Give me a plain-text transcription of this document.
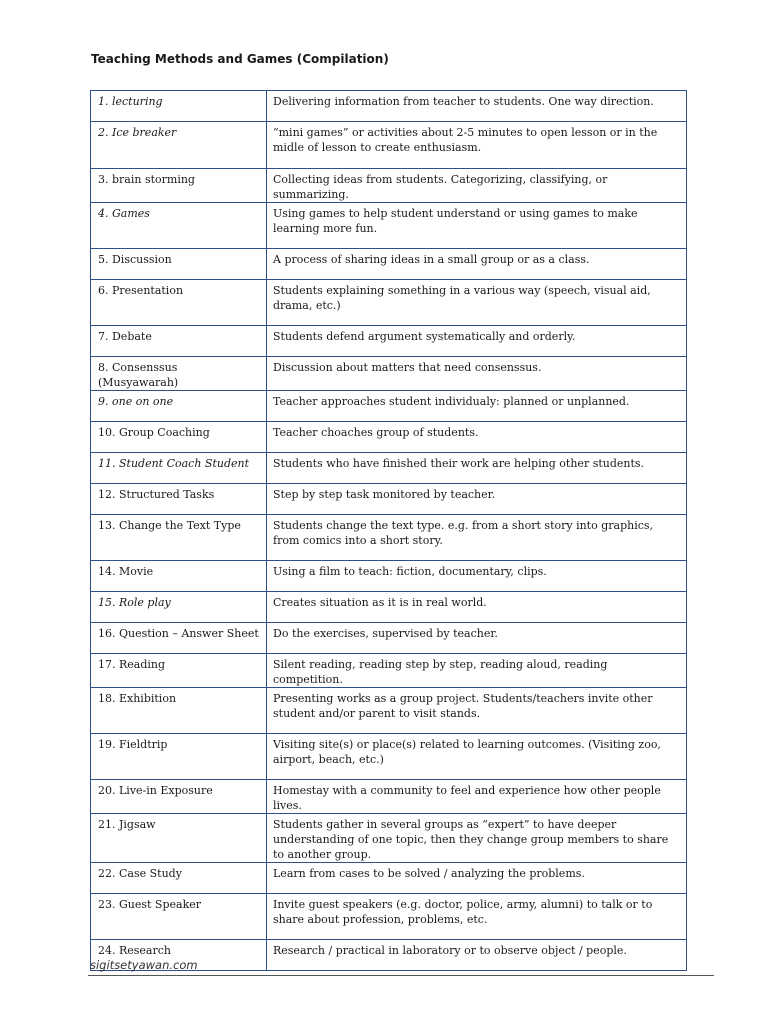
Teaching Methods and Games (Compilation)
1. lecturing	Delivering information from teacher to students. One way direction.
2. Ice breaker	“mini games” or activities about 2-5 minutes to open lesson or in the midle of lesson to create enthusiasm.
3. brain storming	Collecting ideas from students. Categorizing, classifying, or summarizing.
4. Games	Using games to help student understand or using games to make learning more fun.
5. Discussion	A process of sharing ideas in a small group or as a class.
6. Presentation	Students explaining something in a various way (speech, visual aid, drama, etc.)
7. Debate	Students defend argument systematically and orderly.
8. Consenssus (Musyawarah)	Discussion about matters that need consenssus.
9. one on one	Teacher approaches student individualy: planned or unplanned.
10. Group Coaching	Teacher choaches group of students.
11. Student Coach Student	Students who have finished their work are helping other students.
12. Structured Tasks	Step by step task monitored by teacher.
13. Change the Text Type	Students change the text type. e.g. from a short story into graphics, from comics into a short story.
14. Movie	Using a film to teach: fiction, documentary, clips.
15. Role play	Creates situation as it is in real world.
16. Question – Answer Sheet	Do the exercises, supervised by teacher.
17. Reading	Silent reading, reading step by step, reading aloud, reading competition.
18. Exhibition	Presenting works as a group project. Students/teachers invite other student and/or parent to visit stands.
19. Fieldtrip	Visiting site(s) or place(s) related to learning outcomes. (Visiting zoo, airport, beach, etc.)
20. Live-in Exposure	Homestay with a community to feel and experience how other people lives.
21. Jigsaw	Students gather in several groups as “expert” to have deeper understanding of one topic, then they change group members to share to another group.
22. Case Study	Learn from cases to be solved / analyzing the problems.
23. Guest Speaker	Invite guest speakers (e.g. doctor, police, army, alumni) to talk or to share about profession, problems, etc.
24. Research	Research / practical in laboratory or to observe object / people.
sigitsetyawan.com
